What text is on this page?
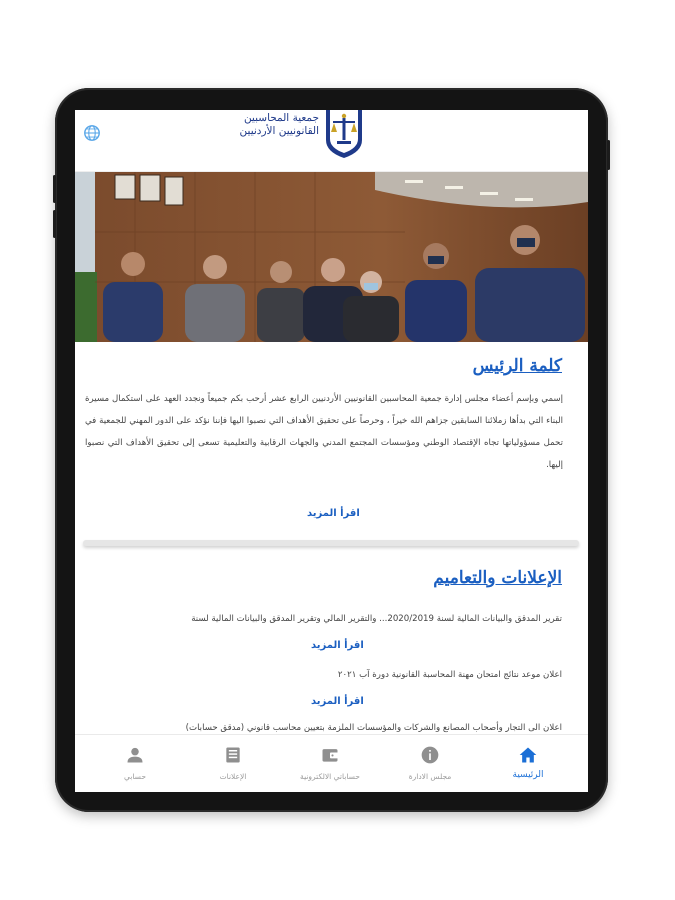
جمعية المحاسبين
القانونيين الأردنيين
كلمة الرئيس
إسمي وبإسم أعضاء مجلس إدارة جمعية المحاسبين القانونيين الأردنيين الرابع عشر أرحب بكم جميعاً ونجدد العهد على استكمال مسيرة البناء التي بدأها زملائنا السابقين جزاهم الله خيراً ، وحرصاً على تحقيق الأهداف التي نصبوا اليها فإننا نؤكد على الدور المهني للجمعية في تحمل مسؤولياتها تجاه الإقتصاد الوطني ومؤسسات المجتمع المدني والجهات الرقابية والتعليمية تسعى إلى تحقيق الأهداف التي نصبوا إليها.
اقرأ المزيد
الإعلانات والتعاميم
تقرير المدقق والبيانات المالية لسنة 2020/2019... والتقرير المالي وتقرير المدقق والبيانات المالية لسنة
اقرأ المزيد
اعلان موعد نتائج امتحان مهنة المحاسبة القانونية دورة آب ٢٠٢١
اقرأ المزيد
اعلان الى التجار وأصحاب المصانع والشركات والمؤسسات الملزمة بتعيين محاسب قانوني (مدقق حسابات)
الرئيسية
مجلس الادارة
حساباتي الالكترونية
الإعلانات
حسابي
